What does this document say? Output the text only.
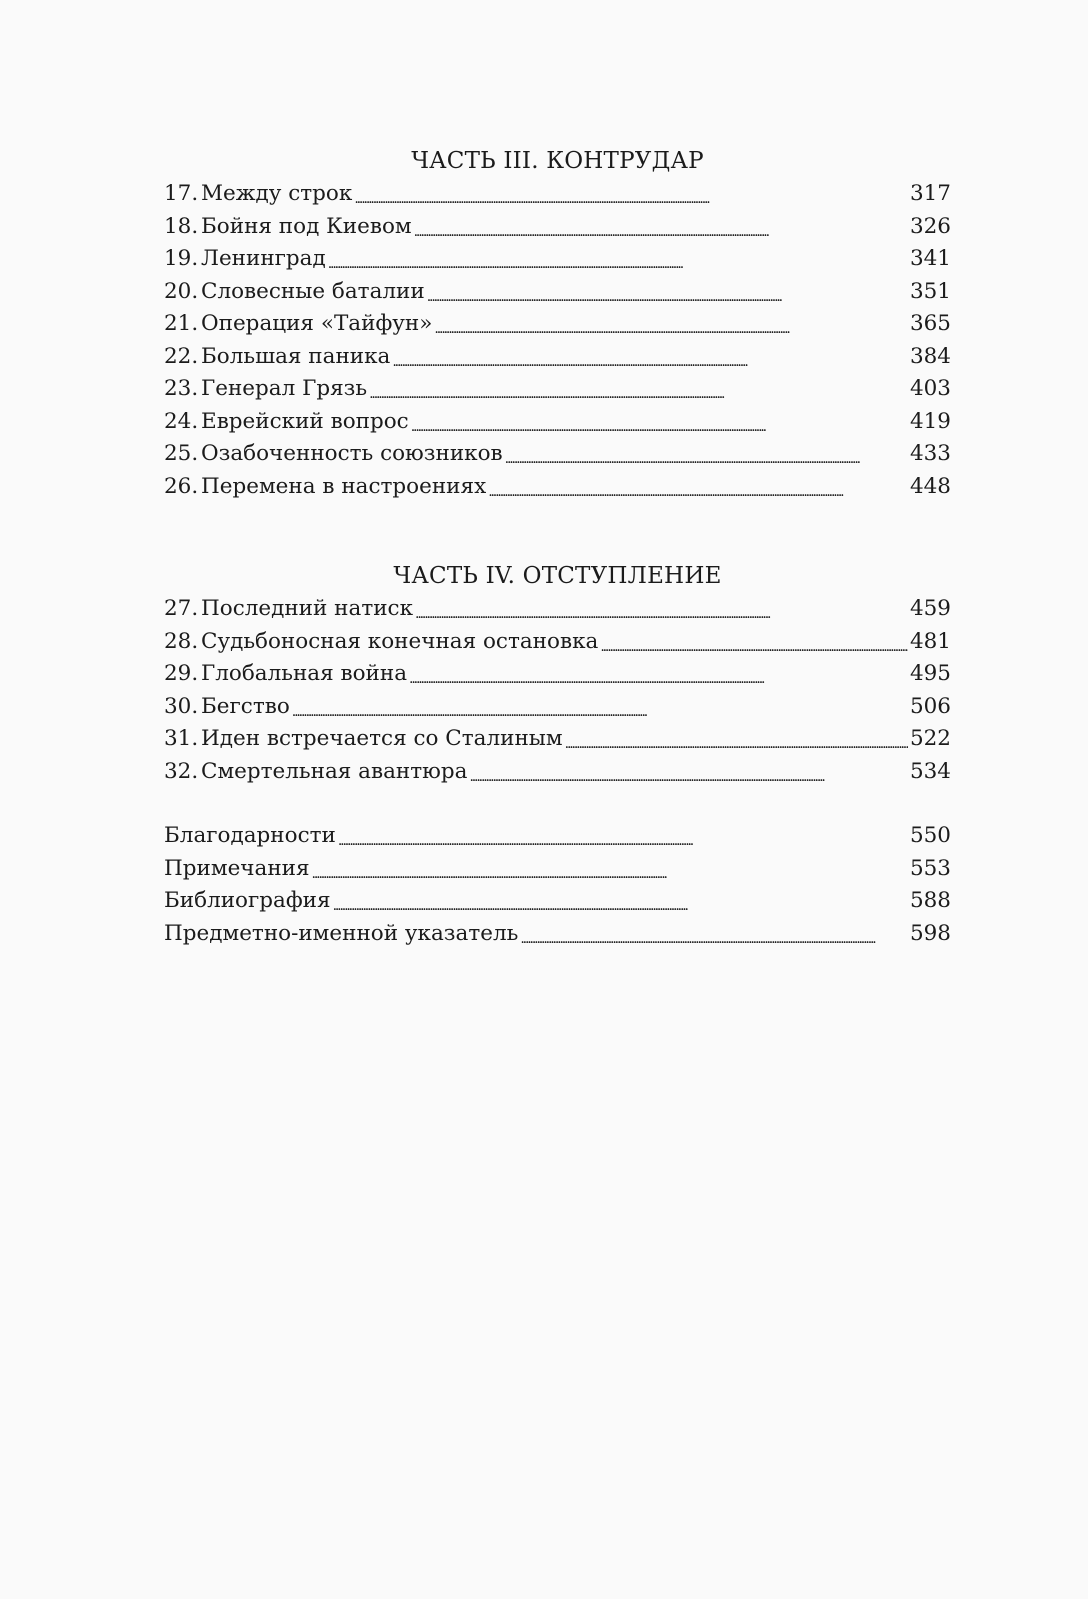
ЧАСТЬ III. КОНТРУДАР
17. Между строк . . .	317
18. Бойня под Киевом . . .	326
19. Ленинград . . .	341
20. Словесные баталии . . .	351
21. Операция «Тайфун» . . .	365
22. Большая паника . . .	384
23. Генерал Грязь . . .	403
24. Еврейский вопрос . . .	419
25. Озабоченность союзников . . .	433
26. Перемена в настроениях . . .	448
ЧАСТЬ IV. ОТСТУПЛЕНИЕ
27. Последний натиск . . .	459
28. Судьбоносная конечная остановка . . .	481
29. Глобальная война . . .	495
30. Бегство . . .	506
31. Иден встречается со Сталиным . . .	522
32. Смертельная авантюра . . .	534
Благодарности . . .	550
Примечания . . .	553
Библиография . . .	588
Предметно-именной указатель . . .	598
